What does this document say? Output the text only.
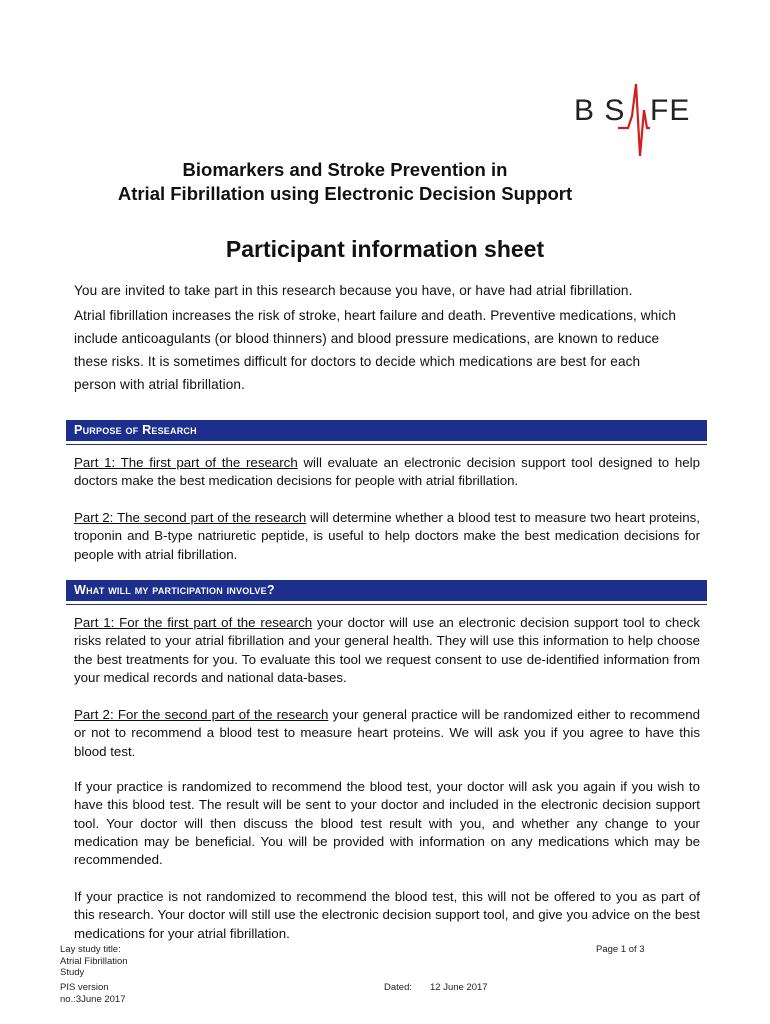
B S FE
Biomarkers and Stroke Prevention in
Atrial Fibrillation using Electronic Decision Support
Participant information sheet
You are invited to take part in this research because you have, or have had atrial fibrillation.
Atrial fibrillation increases the risk of stroke, heart failure and death. Preventive medications, which
include anticoagulants (or blood thinners) and blood pressure medications, are known to reduce
these risks. It is sometimes difficult for doctors to decide which medications are best for each
person with atrial fibrillation.
Purpose of Research
Part 1: The first part of the research will evaluate an electronic decision support tool designed to help doctors make the best medication decisions for people with atrial fibrillation.
Part 2: The second part of the research will determine whether a blood test to measure two heart proteins, troponin and B-type natriuretic peptide, is useful to help doctors make the best medication decisions for people with atrial fibrillation.
What will my participation involve?
Part 1: For the first part of the research your doctor will use an electronic decision support tool to check risks related to your atrial fibrillation and your general health. They will use this information to help choose the best treatments for you. To evaluate this tool we request consent to use de-identified information from your medical records and national data-bases.
Part 2: For the second part of the research your general practice will be randomized either to recommend or not to recommend a blood test to measure heart proteins. We will ask you if you agree to have this blood test.
If your practice is randomized to recommend the blood test, your doctor will ask you again if you wish to have this blood test. The result will be sent to your doctor and included in the electronic decision support tool. Your doctor will then discuss the blood test result with you, and whether any change to your medication may be beneficial. You will be provided with information on any medications which may be recommended.
If your practice is not randomized to recommend the blood test, this will not be offered to you as part of this research. Your doctor will still use the electronic decision support tool, and give you advice on the best medications for your atrial fibrillation.
Lay study title:
Atrial Fibrillation
Study
Page 1 of 3
PIS version
no.:3June 2017
Dated: 12 June 2017
